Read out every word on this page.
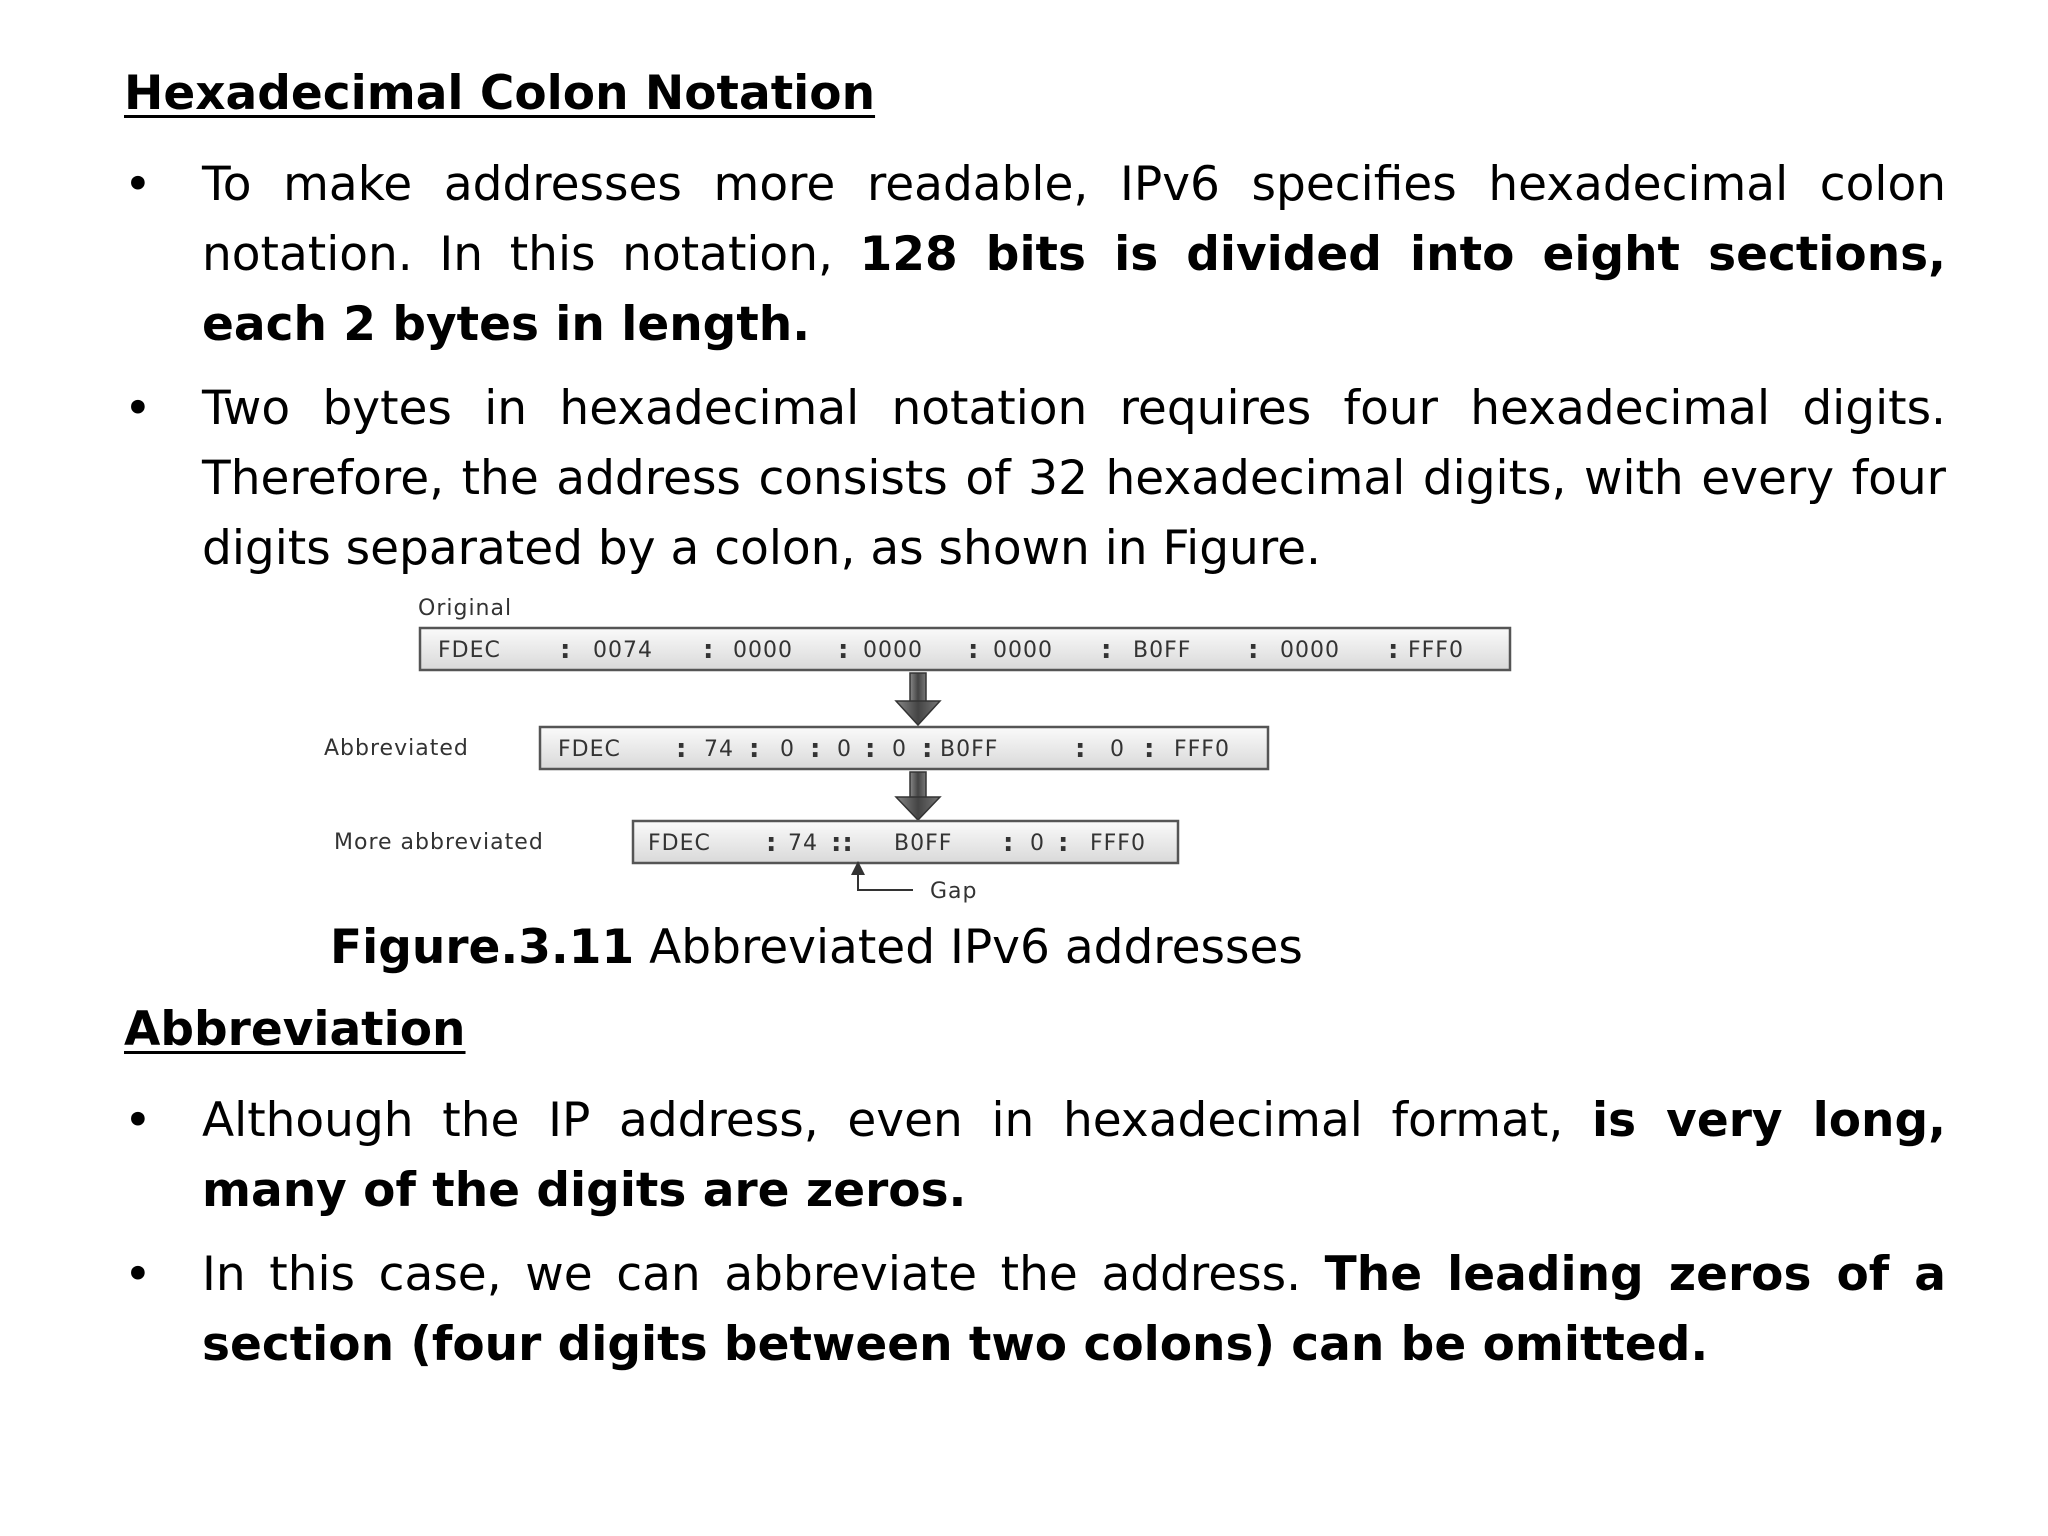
Hexadecimal Colon Notation
• To make addresses more readable, IPv6 specifies hexadecimal colon notation. In this notation, 128 bits is divided into eight sections, each 2 bytes in length.
• Two bytes in hexadecimal notation requires four hexadecimal digits. Therefore, the address consists of 32 hexadecimal digits, with every four digits separated by a colon, as shown in Figure.
Original
FDEC : 0074 : 0000 : 0000 : 0000 : B0FF : 0000 : FFF0
Abbreviated	FDEC : 74 : 0 : 0 : 0 : B0FF	: 0 : FFF0
More abbreviated	FDEC : 74 :: B0FF : 0 : FFF0
Gap
Figure.3.11 Abbreviated IPv6 addresses
Abbreviation
• Although the IP address, even in hexadecimal format, is very long, many of the digits are zeros.
• In this case, we can abbreviate the address. The leading zeros of a section (four digits between two colons) can be omitted.
